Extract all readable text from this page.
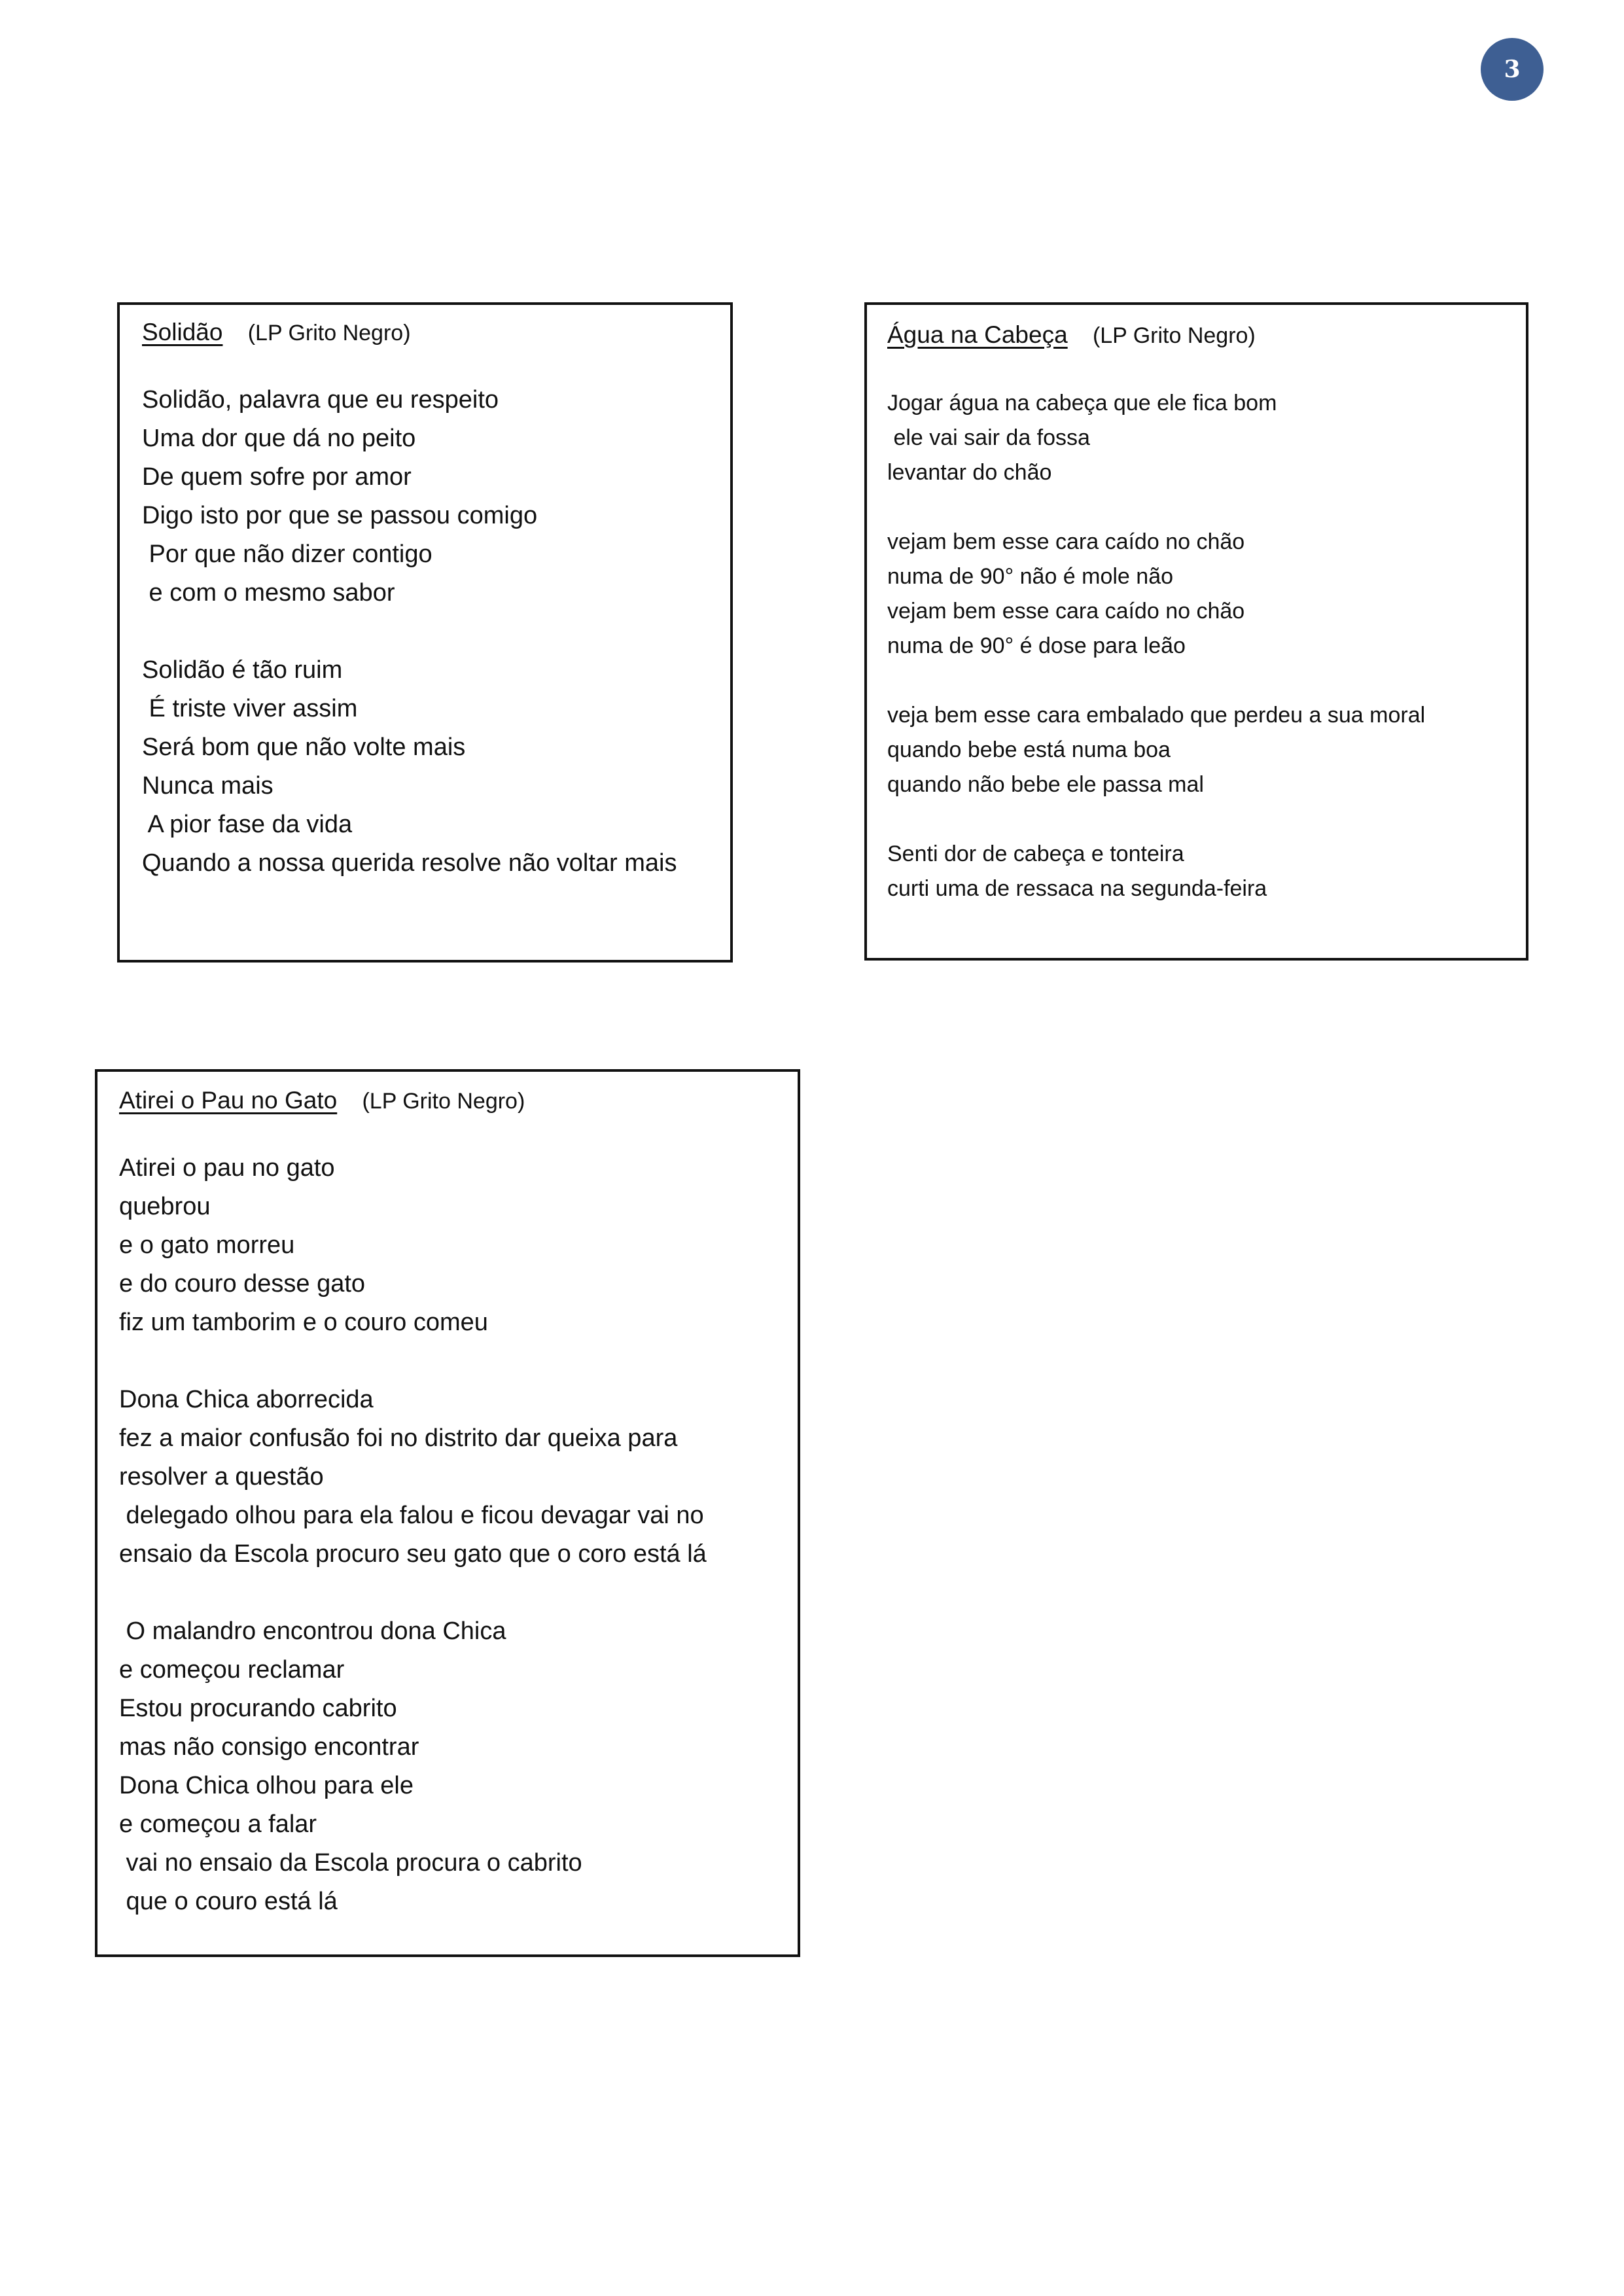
3
Solidão (LP Grito Negro)
Solidão, palavra que eu respeito
Uma dor que dá no peito
De quem sofre por amor
Digo isto por que se passou comigo
Por que não dizer contigo
e com o mesmo sabor

Solidão é tão ruim
É triste viver assim
Será bom que não volte mais
Nunca mais
A pior fase da vida
Quando a nossa querida resolve não voltar mais
Água na Cabeça (LP Grito Negro)
Jogar água na cabeça que ele fica bom
ele vai sair da fossa
levantar do chão

vejam bem esse cara caído no chão
numa de 90° não é mole não
vejam bem esse cara caído no chão
numa de 90° é dose para leão

veja bem esse cara embalado que perdeu a sua moral
quando bebe está numa boa
quando não bebe ele passa mal

Senti dor de cabeça e tonteira
curti uma de ressaca na segunda-feira
Atirei o Pau no Gato (LP Grito Negro)
Atirei o pau no gato
quebrou
e o gato morreu
e do couro desse gato
fiz um tamborim e o couro comeu

Dona Chica aborrecida
fez a maior confusão foi no distrito dar queixa para
resolver a questão
delegado olhou para ela falou e ficou devagar vai no
ensaio da Escola procuro seu gato que o coro está lá

O malandro encontrou dona Chica
e começou reclamar
Estou procurando cabrito
mas não consigo encontrar
Dona Chica olhou para ele
e começou a falar
vai no ensaio da Escola procura o cabrito
que o couro está lá
